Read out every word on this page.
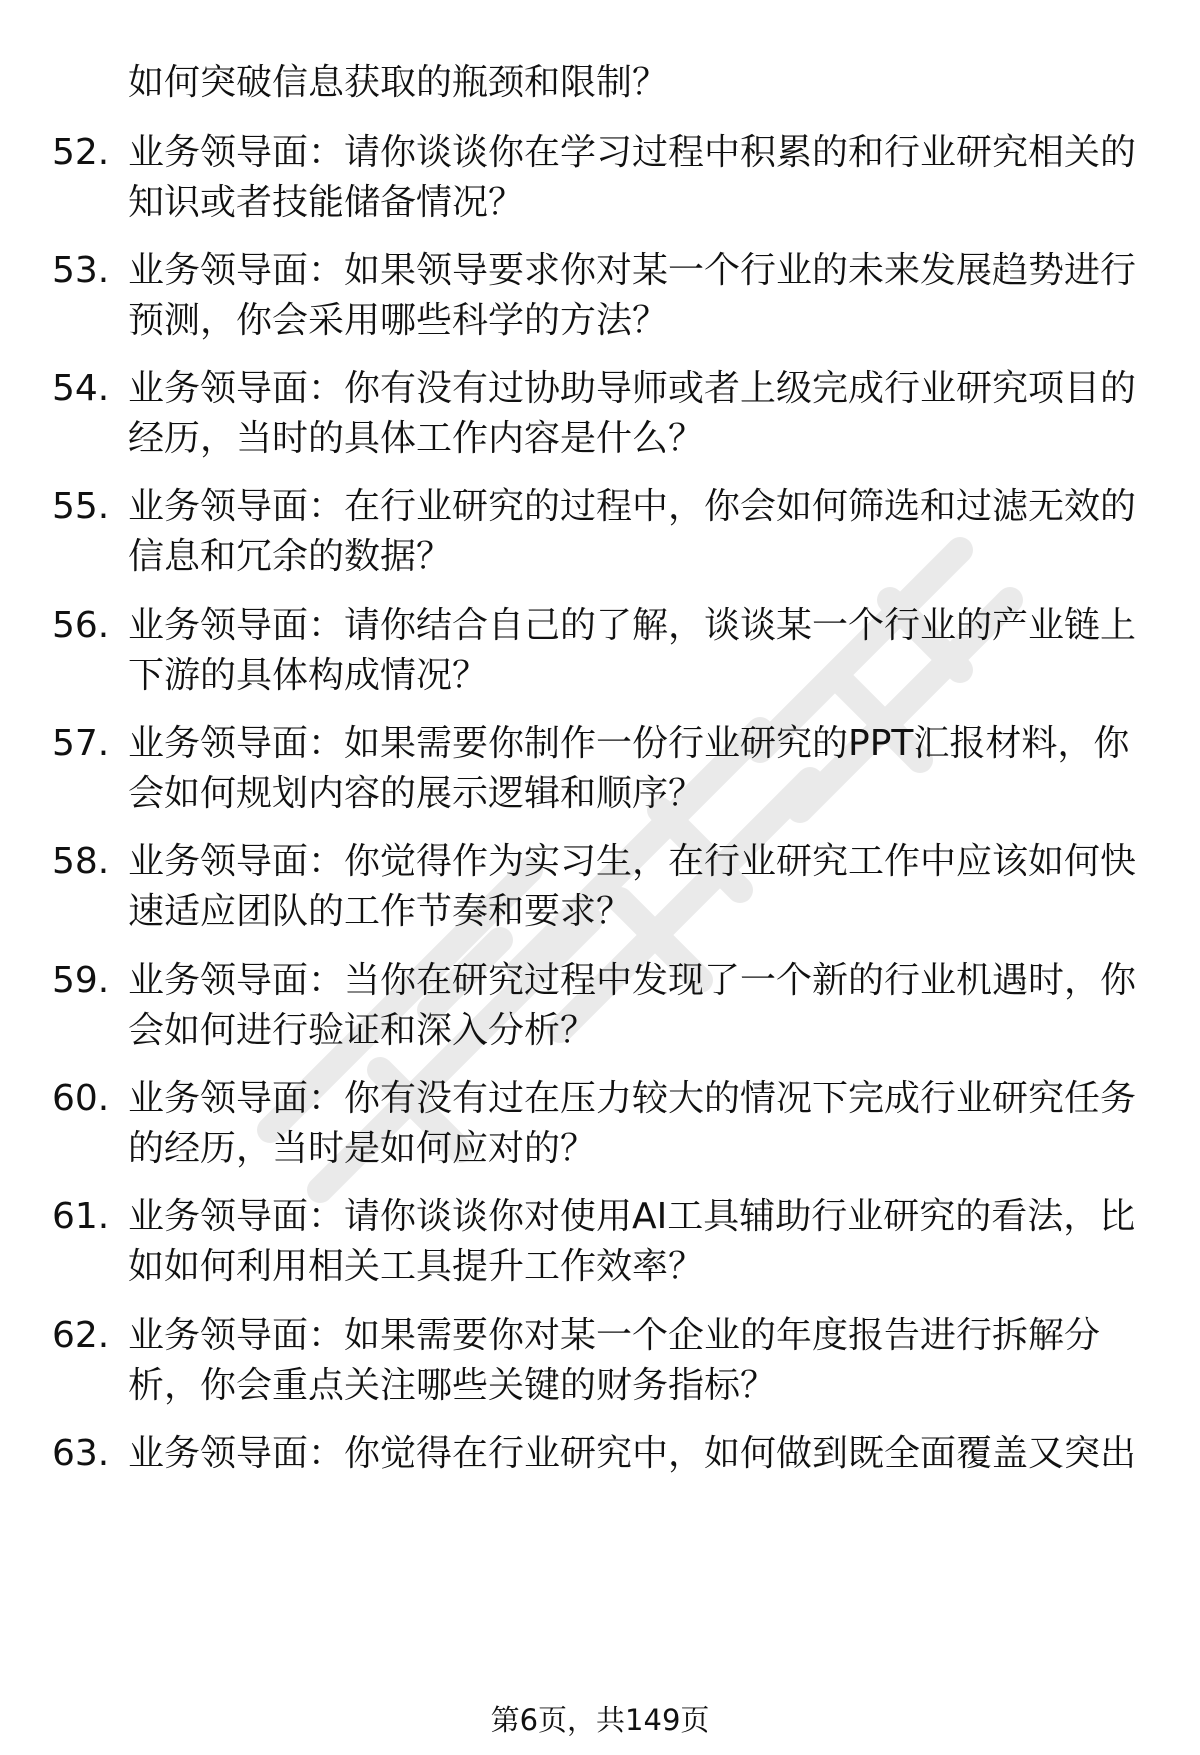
如何突破信息获取的瓶颈和限制？
52. 业务领导面：请你谈谈你在学习过程中积累的和行业研究相关的
知识或者技能储备情况？
53. 业务领导面：如果领导要求你对某一个行业的未来发展趋势进行
预测，你会采用哪些科学的方法？
54. 业务领导面：你有没有过协助导师或者上级完成行业研究项目的
经历，当时的具体工作内容是什么？
55. 业务领导面：在行业研究的过程中，你会如何筛选和过滤无效的
信息和冗余的数据？
56. 业务领导面：请你结合自己的了解，谈谈某一个行业的产业链上
下游的具体构成情况？
57. 业务领导面：如果需要你制作一份行业研究的PPT汇报材料，你
会如何规划内容的展示逻辑和顺序？
58. 业务领导面：你觉得作为实习生，在行业研究工作中应该如何快
速适应团队的工作节奏和要求？
59. 业务领导面：当你在研究过程中发现了一个新的行业机遇时，你
会如何进行验证和深入分析？
60. 业务领导面：你有没有过在压力较大的情况下完成行业研究任务
的经历，当时是如何应对的？
61. 业务领导面：请你谈谈你对使用AI工具辅助行业研究的看法，比
如如何利用相关工具提升工作效率？
62. 业务领导面：如果需要你对某一个企业的年度报告进行拆解分
析，你会重点关注哪些关键的财务指标？
63. 业务领导面：你觉得在行业研究中，如何做到既全面覆盖又突出
第6页，共149页
